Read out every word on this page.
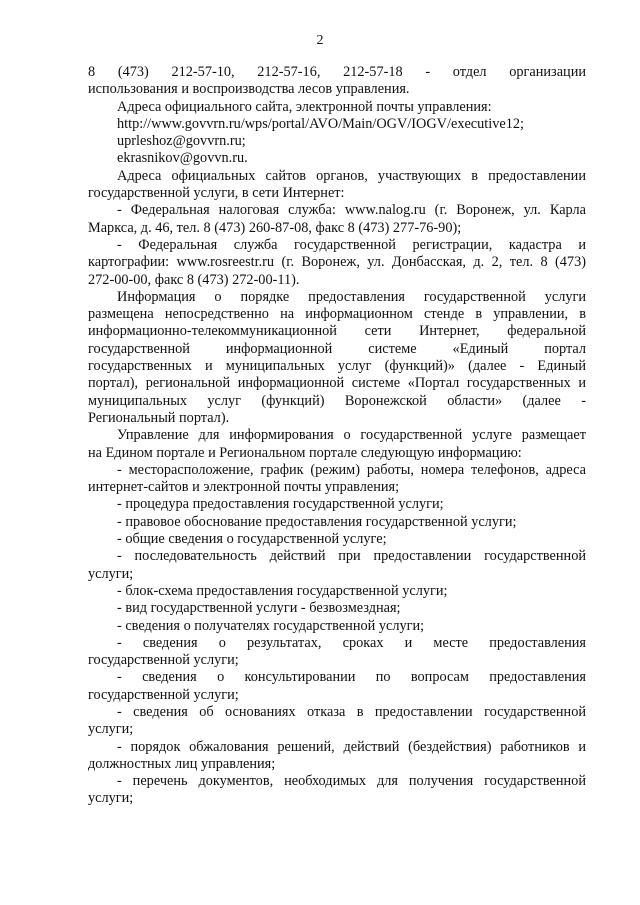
2
8 (473) 212-57-10, 212-57-16, 212-57-18 - отдел организации
использования и воспроизводства лесов управления.
Адреса официального сайта, электронной почты управления:
http://www.govvrn.ru/wps/portal/AVO/Main/OGV/IOGV/executive12;
uprleshoz@govvrn.ru;
ekrasnikov@govvn.ru.
Адреса официальных сайтов органов, участвующих в предоставлении
государственной услуги, в сети Интернет:
- Федеральная налоговая служба: www.nalog.ru (г. Воронеж, ул. Карла
Маркса, д. 46, тел. 8 (473) 260-87-08, факс 8 (473) 277-76-90);
- Федеральная служба государственной регистрации, кадастра и
картографии: www.rosreestr.ru (г. Воронеж, ул. Донбасская, д. 2, тел. 8 (473)
272-00-00, факс 8 (473) 272-00-11).
Информация о порядке предоставления государственной услуги
размещена непосредственно на информационном стенде в управлении, в
информационно-телекоммуникационной сети Интернет, федеральной
государственной информационной системе «Единый портал
государственных и муниципальных услуг (функций)» (далее - Единый
портал), региональной информационной системе «Портал государственных и
муниципальных услуг (функций) Воронежской области» (далее -
Региональный портал).
Управление для информирования о государственной услуге размещает
на Едином портале и Региональном портале следующую информацию:
- месторасположение, график (режим) работы, номера телефонов, адреса
интернет-сайтов и электронной почты управления;
- процедура предоставления государственной услуги;
- правовое обоснование предоставления государственной услуги;
- общие сведения о государственной услуге;
- последовательность действий при предоставлении государственной
услуги;
- блок-схема предоставления государственной услуги;
- вид государственной услуги - безвозмездная;
- сведения о получателях государственной услуги;
- сведения о результатах, сроках и месте предоставления
государственной услуги;
- сведения о консультировании по вопросам предоставления
государственной услуги;
- сведения об основаниях отказа в предоставлении государственной
услуги;
- порядок обжалования решений, действий (бездействия) работников и
должностных лиц управления;
- перечень документов, необходимых для получения государственной
услуги;
